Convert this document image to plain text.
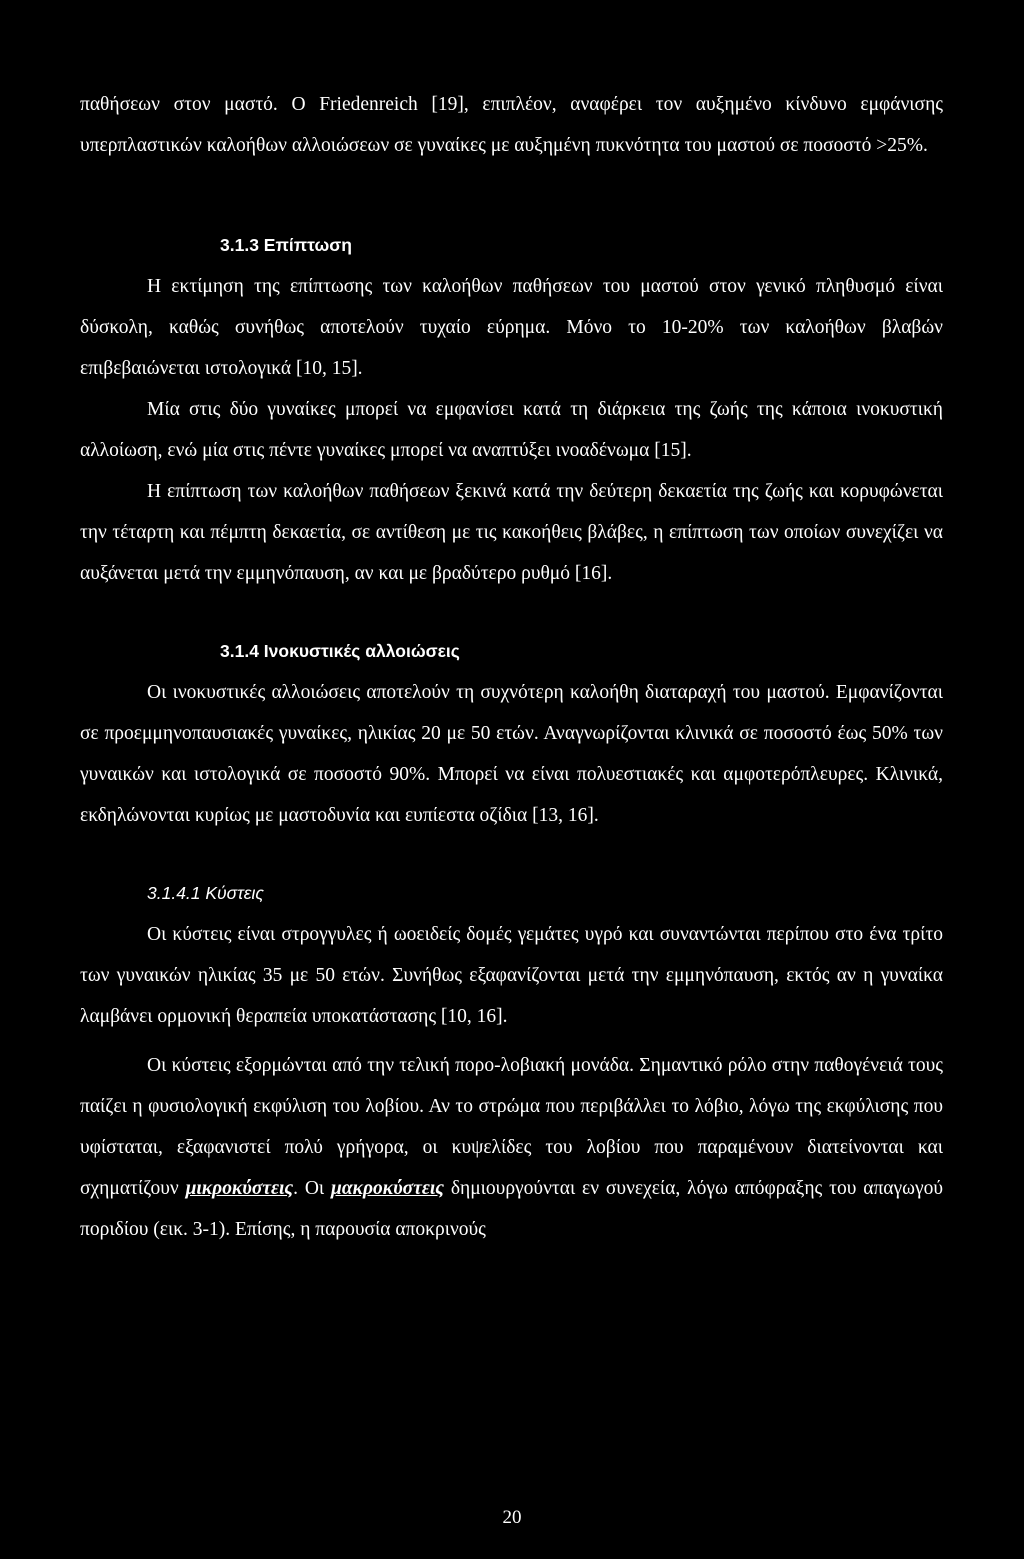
παθήσεων στον μαστό. Ο Friedenreich [19], επιπλέον, αναφέρει τον αυξημένο κίνδυνο εμφάνισης υπερπλαστικών καλοήθων αλλοιώσεων σε γυναίκες με αυξημένη πυκνότητα του μαστού σε ποσοστό >25%.

3.1.3 Επίπτωση

Η εκτίμηση της επίπτωσης των καλοήθων παθήσεων του μαστού στον γενικό πληθυσμό είναι δύσκολη, καθώς συνήθως αποτελούν τυχαίο εύρημα. Μόνο το 10-20% των καλοήθων βλαβών επιβεβαιώνεται ιστολογικά [10, 15].

Μία στις δύο γυναίκες μπορεί να εμφανίσει κατά τη διάρκεια της ζωής της κάποια ινοκυστική αλλοίωση, ενώ μία στις πέντε γυναίκες μπορεί να αναπτύξει ινοαδένωμα [15].

Η επίπτωση των καλοήθων παθήσεων ξεκινά κατά την δεύτερη δεκαετία της ζωής και κορυφώνεται την τέταρτη και πέμπτη δεκαετία, σε αντίθεση με τις κακοήθεις βλάβες, η επίπτωση των οποίων συνεχίζει να αυξάνεται μετά την εμμηνόπαυση, αν και με βραδύτερο ρυθμό [16].

3.1.4 Ινοκυστικές αλλοιώσεις

Οι ινοκυστικές αλλοιώσεις αποτελούν τη συχνότερη καλοήθη διαταραχή του μαστού. Εμφανίζονται σε προεμμηνοπαυσιακές γυναίκες, ηλικίας 20 με 50 ετών. Αναγνωρίζονται κλινικά σε ποσοστό έως 50% των γυναικών και ιστολογικά σε ποσοστό 90%. Μπορεί να είναι πολυεστιακές και αμφοτερόπλευρες. Κλινικά, εκδηλώνονται κυρίως με μαστοδυνία και ευπίεστα οζίδια [13, 16].

3.1.4.1 Κύστεις

Οι κύστεις είναι στρογγυλες ή ωοειδείς δομές γεμάτες υγρό και συναντώνται περίπου στο ένα τρίτο των γυναικών ηλικίας 35 με 50 ετών. Συνήθως εξαφανίζονται μετά την εμμηνόπαυση, εκτός αν η γυναίκα λαμβάνει ορμονική θεραπεία υποκατάστασης [10, 16].

Οι κύστεις εξορμώνται από την τελική πορο-λοβιακή μονάδα. Σημαντικό ρόλο στην παθογένειά τους παίζει η φυσιολογική εκφύλιση του λοβίου. Αν το στρώμα που περιβάλλει το λόβιο, λόγω της εκφύλισης που υφίσταται, εξαφανιστεί πολύ γρήγορα, οι κυψελίδες του λοβίου που παραμένουν διατείνονται και σχηματίζουν μικροκύστεις. Οι μακροκύστεις δημιουργούνται εν συνεχεία, λόγω απόφραξης του απαγωγού πoριδίου (εικ. 3-1). Επίσης, η παρουσία αποκρινούς

20
